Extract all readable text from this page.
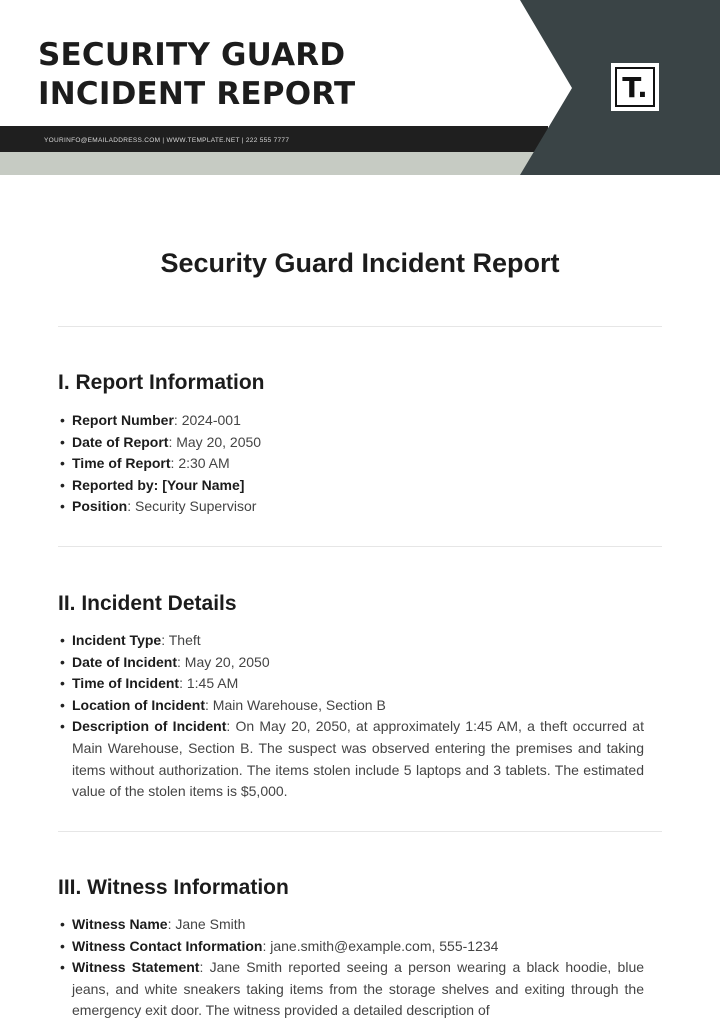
SECURITY GUARD
INCIDENT REPORT
YOURINFO@EMAILADDRESS.COM | WWW.TEMPLATE.NET | 222 555 7777
T.
Security Guard Incident Report
I. Report Information
• Report Number: 2024-001
• Date of Report: May 20, 2050
• Time of Report: 2:30 AM
• Reported by: [Your Name]
• Position: Security Supervisor
II. Incident Details
• Incident Type: Theft
• Date of Incident: May 20, 2050
• Time of Incident: 1:45 AM
• Location of Incident: Main Warehouse, Section B
• Description of Incident: On May 20, 2050, at approximately 1:45 AM, a theft occurred at Main Warehouse, Section B. The suspect was observed entering the premises and taking items without authorization. The items stolen include 5 laptops and 3 tablets. The estimated value of the stolen items is $5,000.
III. Witness Information
• Witness Name: Jane Smith
• Witness Contact Information: jane.smith@example.com, 555-1234
• Witness Statement: Jane Smith reported seeing a person wearing a black hoodie, blue jeans, and white sneakers taking items from the storage shelves and exiting through the emergency exit door. The witness provided a detailed description of
